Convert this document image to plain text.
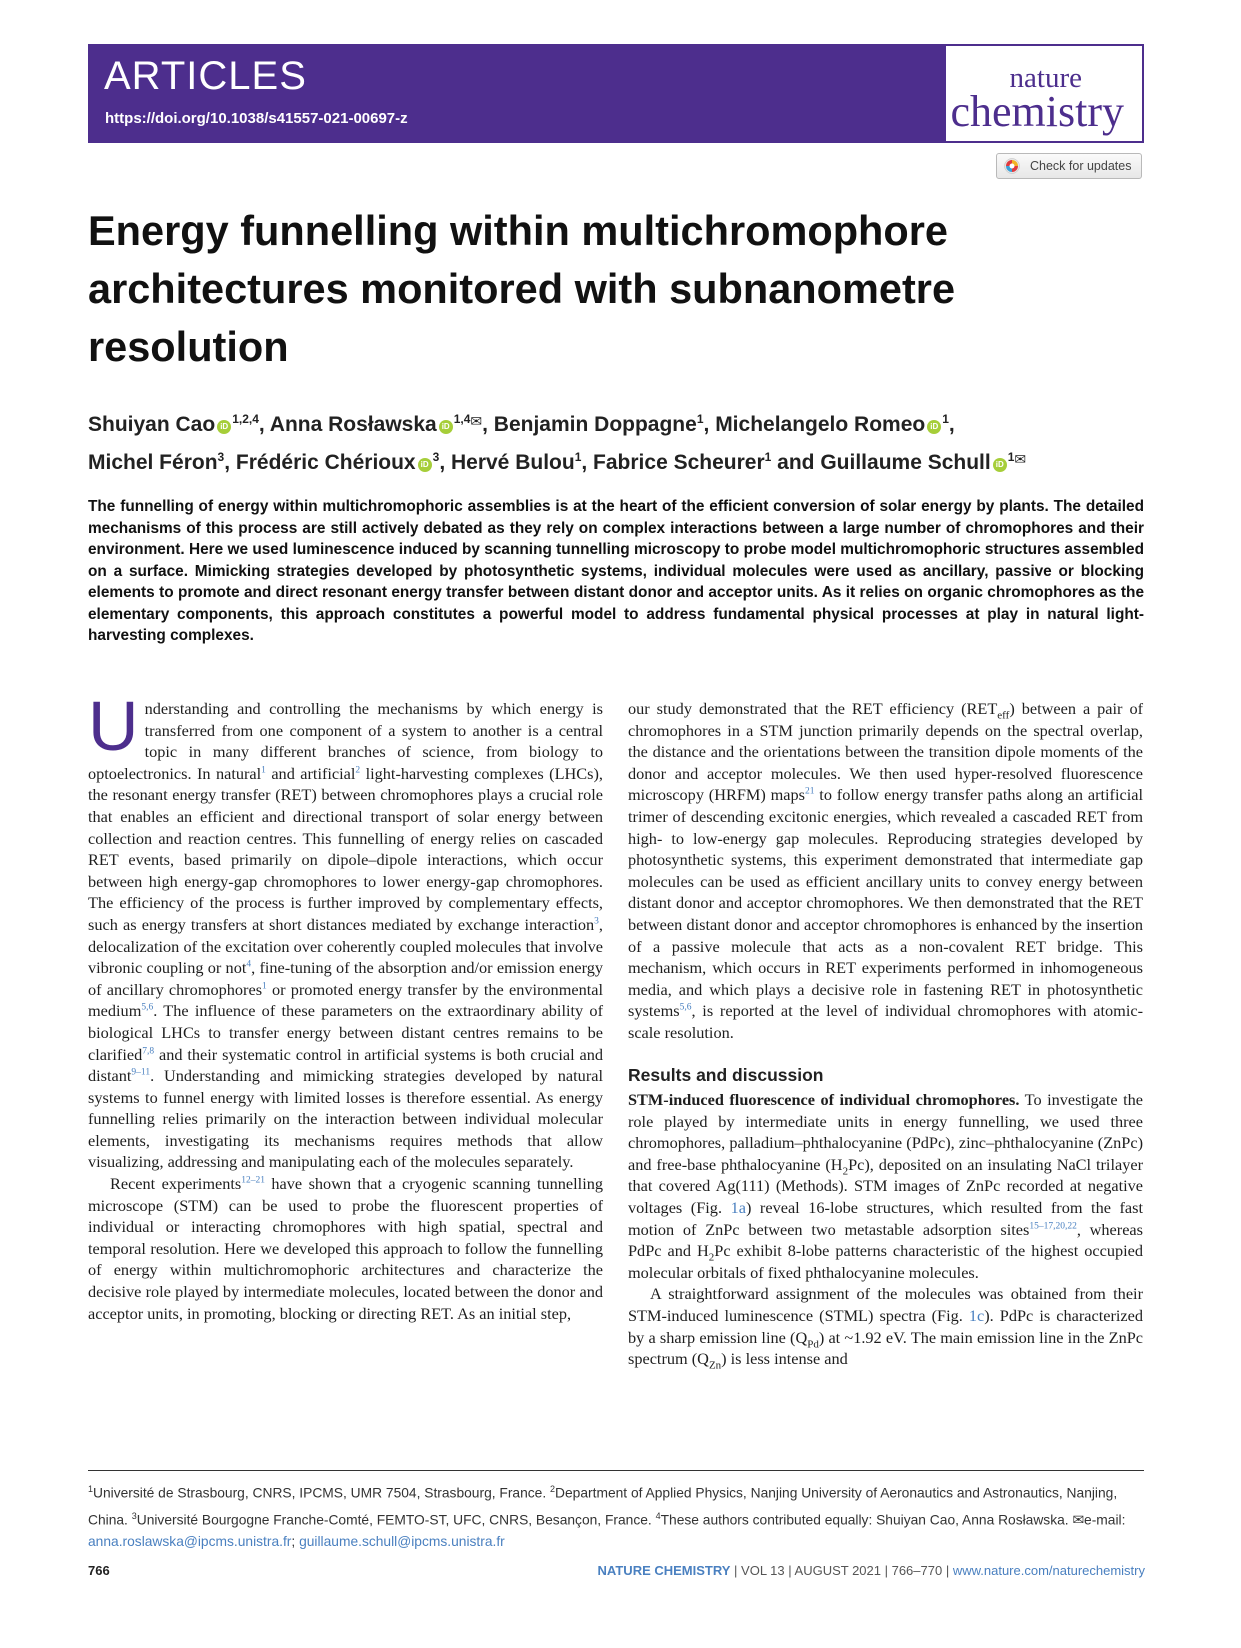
ARTICLES
https://doi.org/10.1038/s41557-021-00697-z
nature
chemistry
Check for updates
Energy funnelling within multichromophore architectures monitored with subnanometre resolution
Shuiyan Cao iD$^{1,2,4}$, Anna Rosławska $iD^{1,4✉}$, Benjamin Doppagne$^1$, Michelangelo Romeo $iD^1$,
Michel Féron$^3$, Frédéric Chérioux $iD^3$, Hervé Bulou$^1$, Fabrice Scheurer$^1$ and Guillaume Schull $iD^{1✉}$
The funnelling of energy within multichromophoric assemblies is at the heart of the efficient conversion of solar energy by plants. The detailed mechanisms of this process are still actively debated as they rely on complex interactions between a large number of chromophores and their environment. Here we used luminescence induced by scanning tunnelling microscopy to probe model multichromophoric structures assembled on a surface. Mimicking strategies developed by photosynthetic systems, individual molecules were used as ancillary, passive or blocking elements to promote and direct resonant energy transfer between distant donor and acceptor units. As it relies on organic chromophores as the elementary components, this approach constitutes a powerful model to address fundamental physical processes at play in natural light-harvesting complexes.

Understanding and controlling the mechanisms by which energy is transferred from one component of a system to another is a central topic in many different branches of science, from biology to optoelectronics. In natural$^1$ and artificial$^2$ light-harvesting complexes (LHCs), the resonant energy transfer (RET) between chromophores plays a crucial role that enables an efficient and directional transport of solar energy between collection and reaction centres. This funnelling of energy relies on cascaded RET events, based primarily on dipole–dipole interactions, which occur between high energy-gap chromophores to lower energy-gap chromophores. The efficiency of the process is further improved by complementary effects, such as energy transfers at short distances mediated by exchange interaction$^3$, delocalization of the excitation over coherently coupled molecules that involve vibronic coupling or not$^4$, fine-tuning of the absorption and/or emission energy of ancillary chromophores$^1$ or promoted energy transfer by the environmental medium$^{5,6}$. The influence of these parameters on the extraordinary ability of biological LHCs to transfer energy between distant centres remains to be clarified$^{7,8}$ and their systematic control in artificial systems is both crucial and distant$^{9-11}$. Understanding and mimicking strategies developed by natural systems to funnel energy with limited losses is therefore essential. As energy funnelling relies primarily on the interaction between individual molecular elements, investigating its mechanisms requires methods that allow visualizing, addressing and manipulating each of the molecules separately.

Recent experiments$^{12-21}$ have shown that a cryogenic scanning tunnelling microscope (STM) can be used to probe the fluorescent properties of individual or interacting chromophores with high spatial, spectral and temporal resolution. Here we developed this approach to follow the funnelling of energy within multichromophoric architectures and characterize the decisive role played by intermediate molecules, located between the donor and acceptor units, in promoting, blocking or directing RET. As an initial step,

our study demonstrated that the RET efficiency $(RET_{eff})$ between a pair of chromophores in a STM junction primarily depends on the spectral overlap, the distance and the orientations between the transition dipole moments of the donor and acceptor molecules. We then used hyper-resolved fluorescence microscopy (HRFM) maps$^{21}$ to follow energy transfer paths along an artificial trimer of descending excitonic energies, which revealed a cascaded RET from high- to low-energy gap molecules. Reproducing strategies developed by photosynthetic systems, this experiment demonstrated that intermediate gap molecules can be used as efficient ancillary units to convey energy between distant donor and acceptor chromophores. We then demonstrated that the RET between distant donor and acceptor chromophores is enhanced by the insertion of a passive molecule that acts as a non-covalent RET bridge. This mechanism, which occurs in RET experiments performed in inhomogeneous media, and which plays a decisive role in fastening RET in photosynthetic systems$^{5,6}$, is reported at the level of individual chromophores with atomic-scale resolution.

Results and discussion

STM-induced fluorescence of individual chromophores. To investigate the role played by intermediate units in energy funnelling, we used three chromophores, palladium–phthalocyanine (PdPc), zinc–phthalocyanine (ZnPc) and free-base phthalocyanine $(H_2Pc)$, deposited on an insulating NaCl trilayer that covered Ag(111) (Methods). STM images of ZnPc recorded at negative voltages (Fig. 1a) reveal 16-lobe structures, which resulted from the fast motion of ZnPc between two metastable adsorption sites$^{15-17,20,22}$, whereas PdPc and $H_2Pc$ exhibit 8-lobe patterns characteristic of the highest occupied molecular orbitals of fixed phthalocyanine molecules.

A straightforward assignment of the molecules was obtained from their STM-induced luminescence (STML) spectra (Fig. 1c). PdPc is characterized by a sharp emission line $(Q_{Pd})$ at ~1.92 eV. The main emission line in the ZnPc spectrum $(Q_{Zn})$ is less intense and

$^1$Université de Strasbourg, CNRS, IPCMS, UMR 7504, Strasbourg, France. $^2$Department of Applied Physics, Nanjing University of Aeronautics and Astronautics, Nanjing, China. $^3$Université Bourgogne Franche-Comté, FEMTO-ST, UFC, CNRS, Besançon, France. $^4$These authors contributed equally: Shuiyan Cao, Anna Rosławska. ✉e-mail: anna.roslawska@ipcms.unistra.fr; guillaume.schull@ipcms.unistra.fr
766	NATURE CHEMISTRY | VOL 13 | AUGUST 2021 | 766–770 | www.nature.com/naturechemistry
